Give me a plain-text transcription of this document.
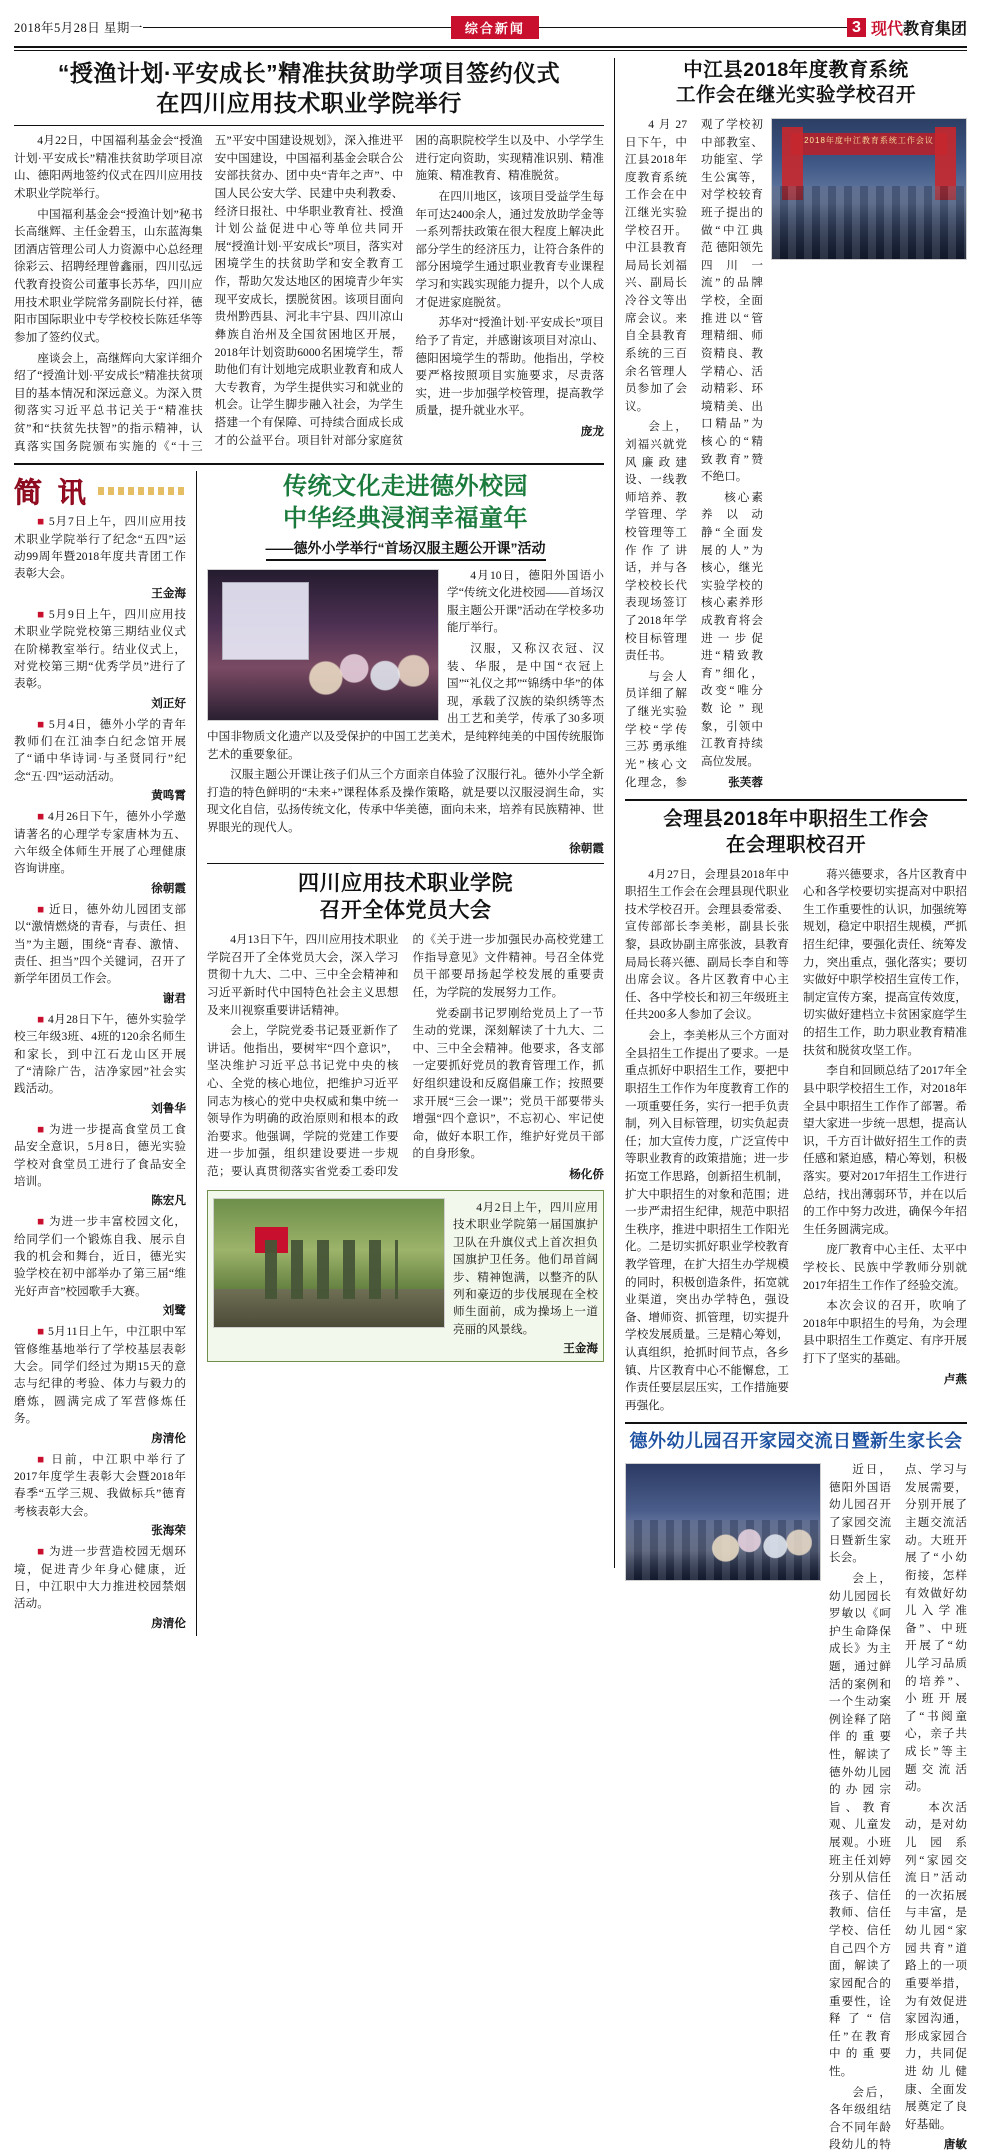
2018年5月28日 星期一	综合新闻	3 现代教育集团
“授渔计划·平安成长”精准扶贫助学项目签约仪式
在四川应用技术职业学院举行

4月22日，中国福利基金会“授渔计划·平安成长”精准扶贫助学项目凉山、德阳两地签约仪式在四川应用技术职业学院举行。

中国福利基金会“授渔计划”秘书长高继辉、主任金碧玉，山东蓝海集团酒店管理公司人力资源中心总经理徐彩云、招聘经理曾鑫丽，四川弘远代教育投资公司董事长苏华，四川应用技术职业学院常务副院长付祥，德阳市国际职业中专学校校长陈廷华等参加了签约仪式。

座谈会上，高继辉向大家详细介绍了“授渔计划·平安成长”精准扶贫项目的基本情况和深远意义。为深入贯彻落实习近平总书记关于“精准扶贫”和“扶贫先扶智”的指示精神，认真落实国务院颁布实施的《“十三五”平安中国建设规划》，深入推进平安中国建设，中国福利基金会联合公安部扶贫办、团中央“青年之声”、中国人民公安大学、民建中央利教委、经济日报社、中华职业教育社、授渔计划公益促进中心等单位共同开展“授渔计划·平安成长”项目，落实对困境学生的扶贫助学和安全教育工作，帮助欠发达地区的困境青少年实现平安成长，摆脱贫困。该项目面向贵州黔西县、河北丰宁县、四川凉山彝族自治州及全国贫困地区开展，2018年计划资助6000名困境学生，帮助他们有计划地完成职业教育和成人大专教育，为学生提供实习和就业的机会。让学生脚步融入社会，为学生搭建一个有保障、可持续合面成长成才的公益平台。项目针对部分家庭贫困的高职院校学生以及中、小学学生进行定向资助，实现精准识别、精准施策、精准教育、精准脱贫。

在四川地区，该项目受益学生每年可达2400余人，通过发放助学金等一系列帮扶政策在很大程度上解决此部分学生的经济压力，让符合条件的部分困境学生通过职业教育专业课程学习和实践实现能力提升，以个人成才促进家庭脱贫。

苏华对“授渔计划·平安成长”项目给予了肯定，并感谢该项目对凉山、德阳困境学生的帮助。他指出，学校要严格按照项目实施要求，尽责落实，进一步加强学校管理，提高教学质量，提升就业水平。

庞龙

简 讯

■ 5月7日上午，四川应用技术职业学院举行了纪念“五四”运动99周年暨2018年度共青团工作表彰大会。

王金海

■ 5月9日上午，四川应用技术职业学院党校第三期结业仪式在阶梯教室举行。结业仪式上，对党校第三期“优秀学员”进行了表彰。

刘正好

■ 5月4日，德外小学的青年教师们在江油李白纪念馆开展了“诵中华诗词·与圣贤同行”纪念“五·四”运动活动。

黄鸣霄

■ 4月26日下午，德外小学邀请著名的心理学专家唐林为五、六年级全体师生开展了心理健康咨询讲座。

徐朝霞

■ 近日，德外幼儿园团支部以“激情燃烧的青春，与责任、担当”为主题，围绕“青春、激情、责任、担当”四个关键词，召开了新学年团员工作会。

谢君

■ 4月28日下午，德外实验学校三年级3班、4班的120余名师生和家长，到中江石龙山区开展了“清除广告，洁净家园”社会实践活动。

刘鲁华

■ 为进一步提高食堂员工食品安全意识，5月8日，德光实验学校对食堂员工进行了食品安全培训。

陈宏凡

■ 为进一步丰富校园文化，给同学们一个锻炼自我、展示自我的机会和舞台，近日，德光实验学校在初中部举办了第三届“维光好声音”校园歌手大赛。

刘鹭

■ 5月11日上午，中江职中军管修维基地举行了学校基层表彰大会。同学们经过为期15天的意志与纪律的考验、体力与毅力的磨炼，圆满完成了军营修炼任务。

房清伦

■ 日前，中江职中举行了2017年度学生表彰大会暨2018年春季“五学三规、我做标兵”德育考核表彰大会。

张海荣

■ 为进一步营造校园无烟环境，促进青少年身心健康，近日，中江职中大力推进校园禁烟活动。

房清伦

传统文化走进德外校园
中华经典浸润幸福童年
——德外小学举行“首场汉服主题公开课”活动

4月10日，德阳外国语小学“传统文化进校园——首场汉服主题公开课”活动在学校多功能厅举行。

汉服，又称汉衣冠、汉装、华服，是中国“衣冠上国”“礼仪之邦”“锦绣中华”的体现，承载了汉族的染织绣等杰出工艺和美学，传承了30多项中国非物质文化遗产以及受保护的中国工艺美术，是纯粹纯美的中国传统服饰艺术的重要象征。

汉服主题公开课让孩子们从三个方面亲自体验了汉服行礼。德外小学全新打造的特色鲜明的“未来+”课程体系及操作策略，就是要以汉服浸润生命，实现文化自信，弘扬传统文化，传承中华美德，面向未来，培养有民族精神、世界眼光的现代人。

徐朝霞

四川应用技术职业学院
召开全体党员大会

4月13日下午，四川应用技术职业学院召开了全体党员大会，深入学习贯彻十九大、二中、三中全会精神和习近平新时代中国特色社会主义思想及来川视察重要讲话精神。

会上，学院党委书记聂亚新作了讲话。他指出，要树牢“四个意识”，坚决维护习近平总书记党中央的核心、全党的核心地位，把维护习近平同志为核心的党中央权威和集中统一领导作为明确的政治原则和根本的政治要求。他强调，学院的党建工作要进一步加强，组织建设要进一步规范；要认真贯彻落实省党委工委印发的《关于进一步加强民办高校党建工作指导意见》文件精神。号召全体党员干部要昂扬起学校发展的重要责任，为学院的发展努力工作。

党委副书记罗刚给党员上了一节生动的党课，深刻解读了十九大、二中、三中全会精神。他要求，各支部一定要抓好党员的教育管理工作，抓好组织建设和反腐倡廉工作；按照要求开展“三会一课”；党员干部要带头增强“四个意识”，不忘初心、牢记使命，做好本职工作，维护好党员干部的自身形象。

杨化侨

4月2日上午，四川应用技术职业学院第一届国旗护卫队在升旗仪式上首次担负国旗护卫任务。他们昂首阔步、精神饱满，以整齐的队列和豪迈的步伐展现在全校师生面前，成为操场上一道亮丽的风景线。

王金海

中江县2018年度教育系统
工作会在继光实验学校召开
2018年度中江教育系统工作会议

4月27日下午，中江县2018年度教育系统工作会在中江继光实验学校召开。中江县教育局局长刘福兴、副局长冷谷文等出席会议。来自全县教育系统的三百余名管理人员参加了会议。

会上，刘福兴就党风廉政建设、一线教师培养、教学管理、学校管理等工作作了讲话，并与各学校校长代表现场签订了2018年学校目标管理责任书。

与会人员详细了解了继光实验学校“学传三苏 勇承维光”核心文化理念，参观了学校初中部教室、功能室、学生公寓等，对学校较育班子提出的做“中江典范 德阳领先 四川一流”的品牌学校，全面推进以“管理精细、师资精良、教学精心、活动精彩、环境精美、出口精品”为核心的“精致教育”赞不绝口。

核心素养以动静“全面发展的人”为核心，继光实验学校的核心素养形成教育将会进一步促进“精致教育”细化，改变“唯分数论”现象，引领中江教育持续高位发展。

张芙蓉

会理县2018年中职招生工作会
在会理职校召开

4月27日，会理县2018年中职招生工作会在会理县现代职业技术学校召开。会理县委常委、宣传部部长李美彬，副县长张黎，县政协副主席张波，县教育局局长蒋兴德、副局长李自和等出席会议。各片区教育中心主任、各中学校长和初三年级班主任共200多人参加了会议。

会上，李美彬从三个方面对全县招生工作提出了要求。一是重点抓好中职招生工作，要把中职招生工作作为年度教育工作的一项重要任务，实行一把手负责制，列入目标管理，切实负起责任；加大宣传力度，广泛宣传中等职业教育的政策措施；进一步拓宽工作思路，创新招生机制，扩大中职招生的对象和范围；进一步严肃招生纪律，规范中职招生秩序，推进中职招生工作阳光化。二是切实抓好职业学校教育教学管理，在扩大招生办学规模的同时，积极创造条件，拓宽就业渠道，突出办学特色，强设备、增师资、抓管理，切实提升学校发展质量。三是精心筹划，认真组织，抢抓时间节点，各乡镇、片区教育中心不能懈怠，工作责任要层层压实，工作措施要再强化。

蒋兴德要求，各片区教育中心和各学校要切实提高对中职招生工作重要性的认识，加强统筹规划，稳定中职招生规模，严抓招生纪律，要强化责任、统筹发力，突出重点，强化落实；要切实做好中职学校招生宣传工作，制定宣传方案，提高宣传效度，切实做好建档立卡贫困家庭学生的招生工作，助力职业教育精准扶贫和脱贫攻坚工作。

李自和回顾总结了2017年全县中职学校招生工作，对2018年全县中职招生工作作了部署。希望大家进一步统一思想，提高认识，千方百计做好招生工作的责任感和紧迫感，精心筹划，积极落实。要对2017年招生工作进行总结，找出薄弱环节，并在以后的工作中努力改进，确保今年招生任务圆满完成。

庞厂教育中心主任、太平中学校长、民族中学教师分别就2017年招生工作作了经验交流。

本次会议的召开，吹响了2018年中职招生的号角，为会理县中职招生工作奠定、有序开展打下了坚实的基础。

卢燕

德外幼儿园召开家园交流日暨新生家长会

近日，德阳外国语幼儿园召开了家园交流日暨新生家长会。

会上，幼儿园园长罗敏以《呵护生命降保成长》为主题，通过鲜活的案例和一个生动案例诠释了陪伴的重要性，解读了德外幼儿园的办园宗旨、教育观、儿童发展观。小班班主任刘婷分别从信任孩子、信任教师、信任学校、信任自己四个方面，解读了家园配合的重要性，诠释了“信任”在教育中的重要性。

会后，各年级组结合不同年龄段幼儿的特点、学习与发展需要，分别开展了主题交流活动。大班开展了“小幼衔接，怎样有效做好幼儿入学准备”、中班开展了“幼儿学习品质的培养”、小班开展了“书阅童心，亲子共成长”等主题交流活动。

本次活动，是对幼儿园系列“家园交流日”活动的一次拓展与丰富，是幼儿园“家园共育”道路上的一项重要举措，为有效促进家园沟通，形成家园合力，共同促进幼儿健康、全面发展奠定了良好基础。

唐敏
